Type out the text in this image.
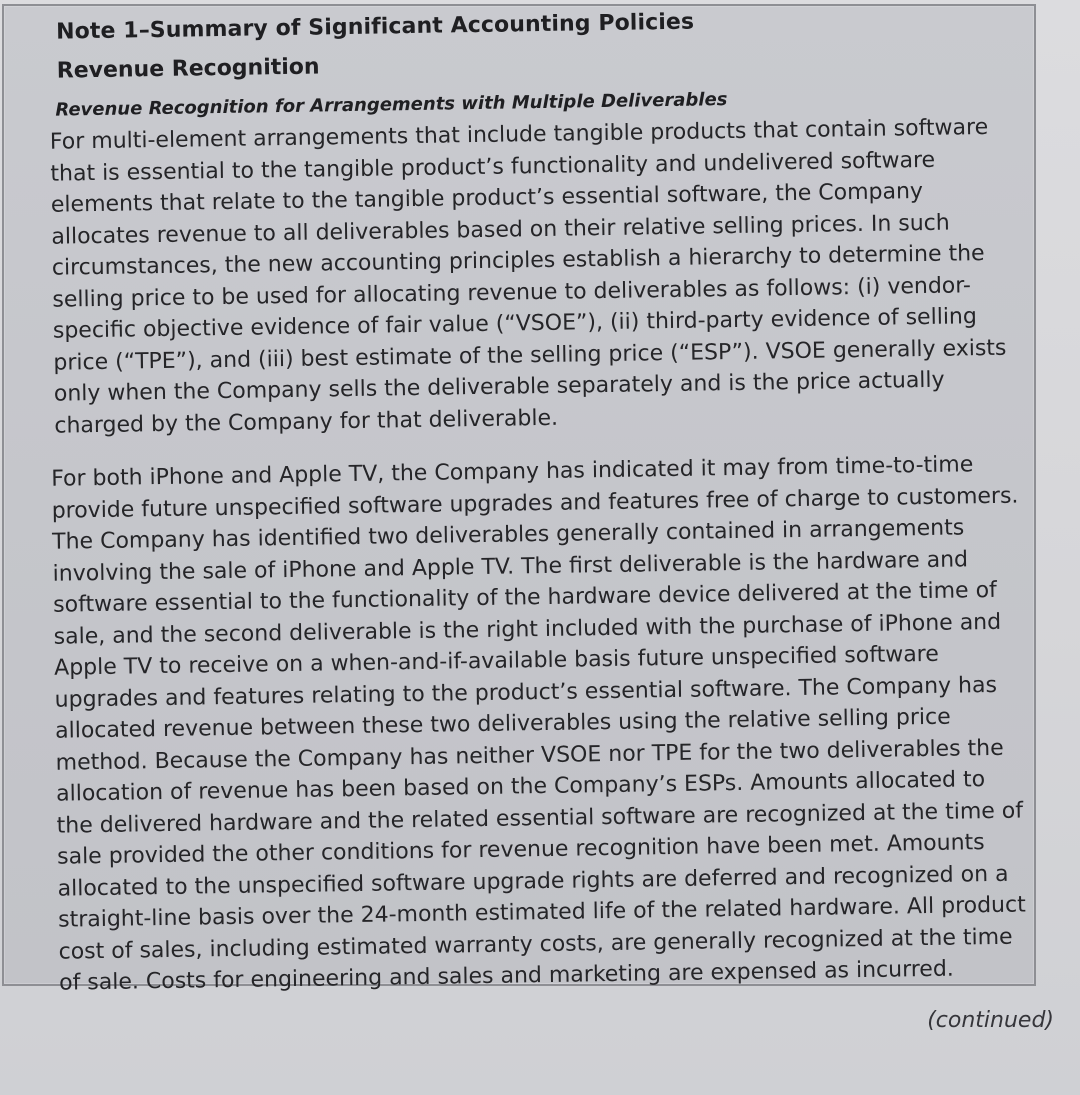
Note 1–Summary of Significant Accounting Policies
Revenue Recognition
Revenue Recognition for Arrangements with Multiple Deliverables

For multi-element arrangements that include tangible products that contain software that is essential to the tangible product’s functionality and undelivered software elements that relate to the tangible product’s essential software, the Company allocates revenue to all deliverables based on their relative selling prices. In such circumstances, the new accounting principles establish a hierarchy to determine the selling price to be used for allocating revenue to deliverables as follows: (i) vendor-specific objective evidence of fair value (“VSOE”), (ii) third-party evidence of selling price (“TPE”), and (iii) best estimate of the selling price (“ESP”). VSOE generally exists only when the Company sells the deliverable separately and is the price actually charged by the Company for that deliverable.

For both iPhone and Apple TV, the Company has indicated it may from time-to-time provide future unspecified software upgrades and features free of charge to customers. The Company has identified two deliverables generally contained in arrangements involving the sale of iPhone and Apple TV. The first deliverable is the hardware and software essential to the functionality of the hardware device delivered at the time of sale, and the second deliverable is the right included with the purchase of iPhone and Apple TV to receive on a when-and-if-available basis future unspecified software upgrades and features relating to the product’s essential software. The Company has allocated revenue between these two deliverables using the relative selling price method. Because the Company has neither VSOE nor TPE for the two deliverables the allocation of revenue has been based on the Company’s ESPs. Amounts allocated to the delivered hardware and the related essential software are recognized at the time of sale provided the other conditions for revenue recognition have been met. Amounts allocated to the unspecified software upgrade rights are deferred and recognized on a straight-line basis over the 24-month estimated life of the related hardware. All product cost of sales, including estimated warranty costs, are generally recognized at the time of sale. Costs for engineering and sales and marketing are expensed as incurred.

(continued)
